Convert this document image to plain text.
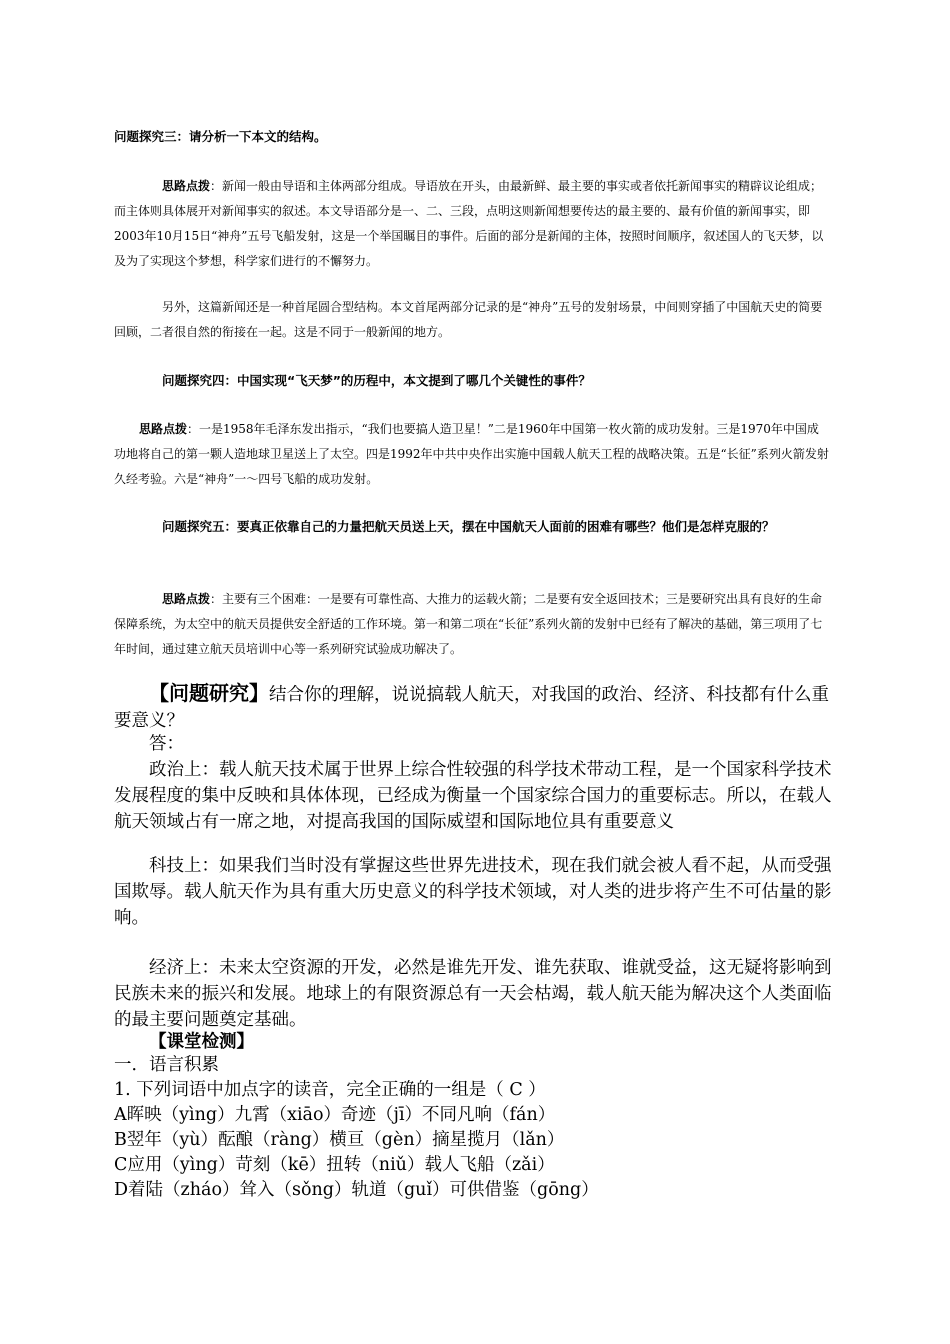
问题探究三：请分析一下本文的结构。

思路点拨：新闻一般由导语和主体两部分组成。导语放在开头，由最新鲜、最主要的事实或者依托新闻事实的精辟议论组成；而主体则具体展开对新闻事实的叙述。本文导语部分是一、二、三段，点明这则新闻想要传达的最主要的、最有价值的新闻事实，即2003年10月15日“神舟”五号飞船发射，这是一个举国瞩目的事件。后面的部分是新闻的主体，按照时间顺序，叙述国人的飞天梦，以及为了实现这个梦想，科学家们进行的不懈努力。

另外，这篇新闻还是一种首尾圆合型结构。本文首尾两部分记录的是“神舟”五号的发射场景，中间则穿插了中国航天史的简要回顾，二者很自然的衔接在一起。这是不同于一般新闻的地方。

问题探究四：中国实现“飞天梦”的历程中，本文提到了哪几个关键性的事件？

思路点拨：一是1958年毛泽东发出指示，“我们也要搞人造卫星！”二是1960年中国第一枚火箭的成功发射。三是1970年中国成功地将自己的第一颗人造地球卫星送上了太空。四是1992年中共中央作出实施中国载人航天工程的战略决策。五是“长征”系列火箭发射久经考验。六是“神舟”一～四号飞船的成功发射。

问题探究五：要真正依靠自己的力量把航天员送上天，摆在中国航天人面前的困难有哪些？他们是怎样克服的？

思路点拨：主要有三个困难：一是要有可靠性高、大推力的运载火箭；二是要有安全返回技术；三是要研究出具有良好的生命保障系统，为太空中的航天员提供安全舒适的工作环境。第一和第二项在“长征”系列火箭的发射中已经有了解决的基础，第三项用了七年时间，通过建立航天员培训中心等一系列研究试验成功解决了。

【问题研究】结合你的理解，说说搞载人航天，对我国的政治、经济、科技都有什么重要意义？

答：

政治上：载人航天技术属于世界上综合性较强的科学技术带动工程，是一个国家科学技术发展程度的集中反映和具体体现，已经成为衡量一个国家综合国力的重要标志。所以，在载人航天领域占有一席之地，对提高我国的国际威望和国际地位具有重要意义

科技上：如果我们当时没有掌握这些世界先进技术，现在我们就会被人看不起，从而受强国欺辱。载人航天作为具有重大历史意义的科学技术领域，对人类的进步将产生不可估量的影响。

经济上：未来太空资源的开发，必然是谁先开发、谁先获取、谁就受益，这无疑将影响到民族未来的振兴和发展。地球上的有限资源总有一天会枯竭，载人航天能为解决这个人类面临的最主要问题奠定基础。

【课堂检测】

一．语言积累

1. 下列词语中加点字的读音，完全正确的一组是（ C ）

A晖映（yìng）九霄（xiāo）奇迹（jī）不同凡响（fán）

B翌年（yù）酝酿（ràng）横亘（gèn）摘星揽月（lǎn）

C应用（yìng）苛刻（kē）扭转（niǔ）载人飞船（zǎi）

D着陆（zháo）耸入（sǒng）轨道（guǐ）可供借鉴（gōng）
